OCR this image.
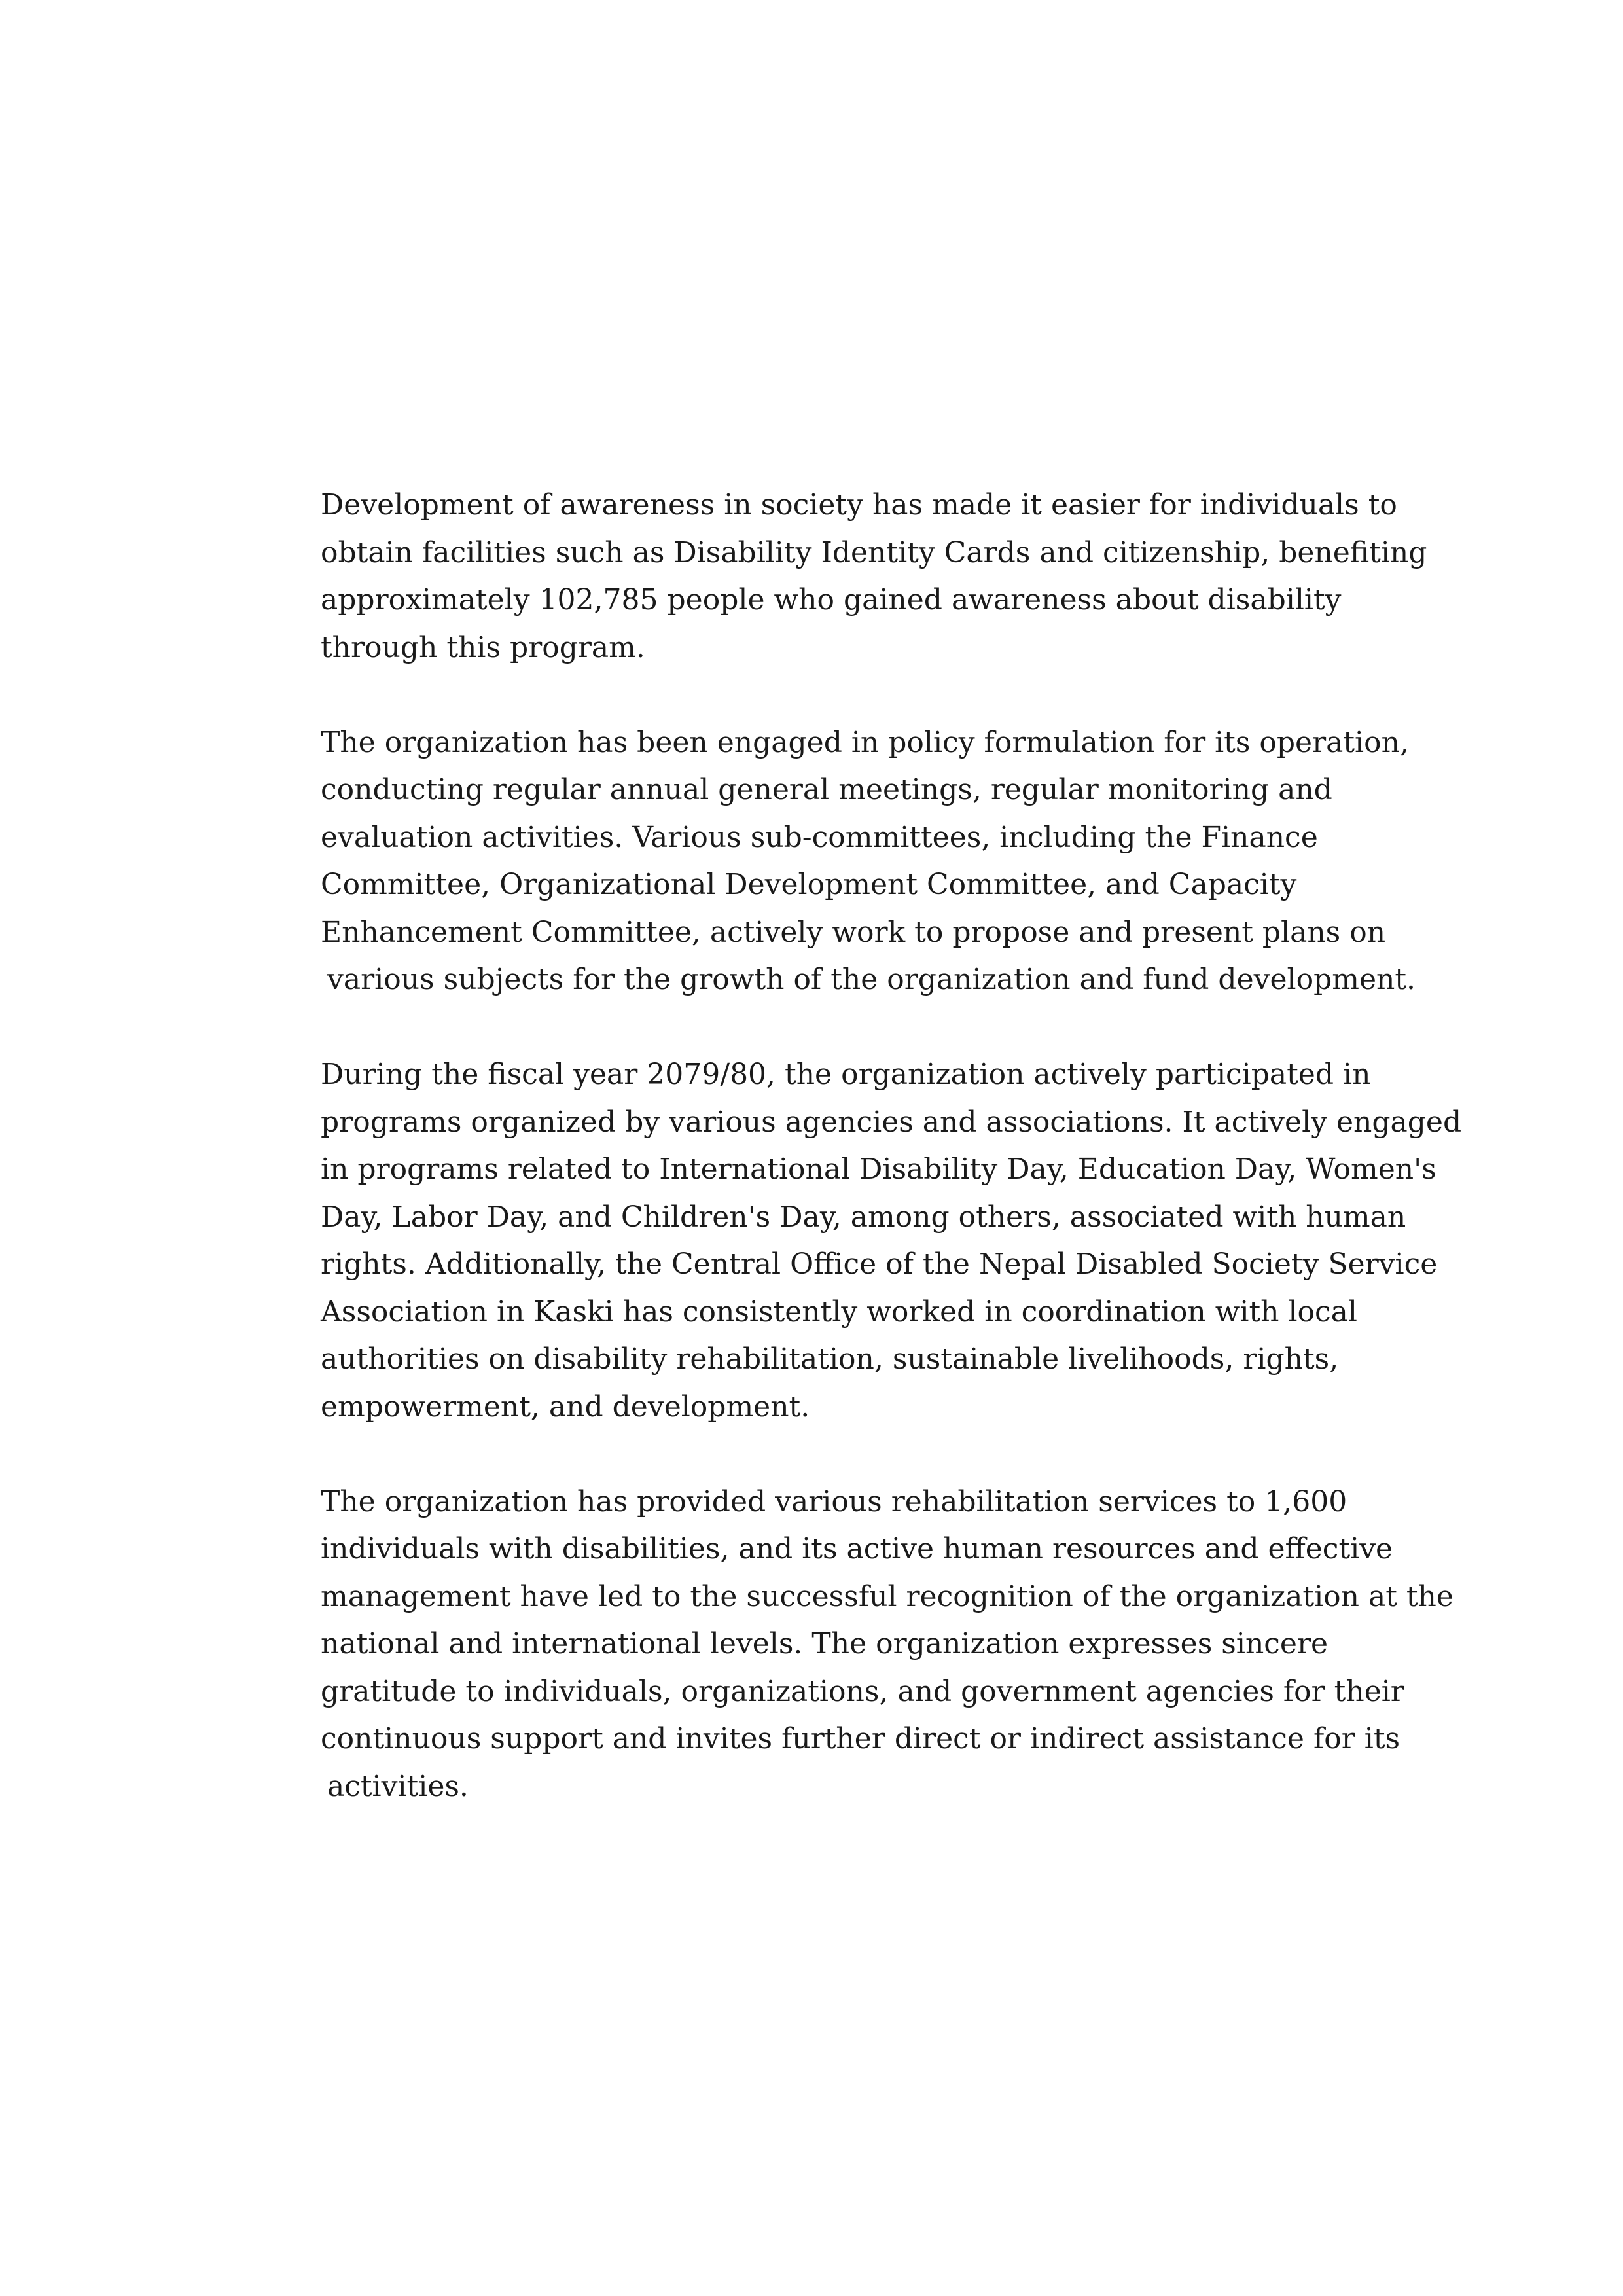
Development of awareness in society has made it easier for individuals to
obtain facilities such as Disability Identity Cards and citizenship, benefiting
approximately 102,785 people who gained awareness about disability
through this program.

The organization has been engaged in policy formulation for its operation,
conducting regular annual general meetings, regular monitoring and
evaluation activities. Various sub-committees, including the Finance
Committee, Organizational Development Committee, and Capacity
Enhancement Committee, actively work to propose and present plans on
various subjects for the growth of the organization and fund development.

During the fiscal year 2079/80, the organization actively participated in
programs organized by various agencies and associations. It actively engaged
in programs related to International Disability Day, Education Day, Women's
Day, Labor Day, and Children's Day, among others, associated with human
rights. Additionally, the Central Office of the Nepal Disabled Society Service
Association in Kaski has consistently worked in coordination with local
authorities on disability rehabilitation, sustainable livelihoods, rights,
empowerment, and development.

The organization has provided various rehabilitation services to 1,600
individuals with disabilities, and its active human resources and effective
management have led to the successful recognition of the organization at the
national and international levels. The organization expresses sincere
gratitude to individuals, organizations, and government agencies for their
continuous support and invites further direct or indirect assistance for its
activities.
